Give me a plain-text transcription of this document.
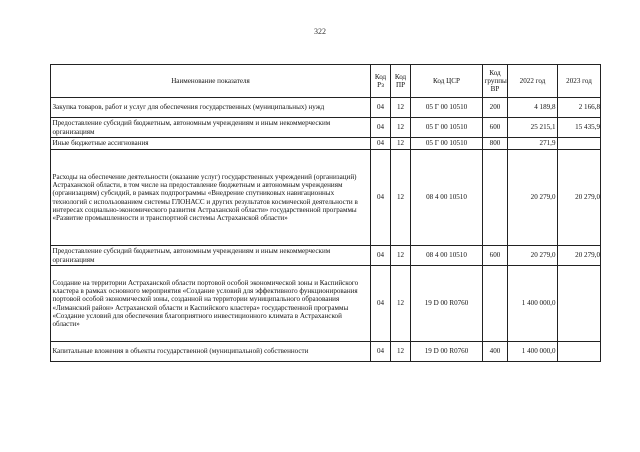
322
Наименование показателя	Код Рз	Код ПР	Код ЦСР	Код группы ВР	2022 год	2023 год
Закупка товаров, работ и услуг для обеспечения государственных (муниципальных) нужд	04	12	05 Г 00 10510	200	4 189,8	2 166,8
Предоставление субсидий бюджетным, автономным учреждениям и иным некоммерческим организациям	04	12	05 Г 00 10510	600	25 215,1	15 435,9
Иные бюджетные ассигнования	04	12	05 Г 00 10510	800	271,9	
Расходы на обеспечение деятельности (оказание услуг) государственных учреждений (организаций) Астраханской области, в том числе на предоставление бюджетным и автономным учреждениям (организациям) субсидий, в рамках подпрограммы «Внедрение спутниковых навигационных технологий с использованием системы ГЛОНАСС и других результатов космической деятельности в интересах социально-экономического развития Астраханской области» государственной программы «Развитие промышленности и транспортной системы Астраханской области»	04	12	08 4 00 10510		20 279,0	20 279,0
Предоставление субсидий бюджетным, автономным учреждениям и иным некоммерческим организациям	04	12	08 4 00 10510	600	20 279,0	20 279,0
Создание на территории Астраханской области портовой особой экономической зоны и Каспийского кластера в рамках основного мероприятия «Создание условий для эффективного функционирования портовой особой экономической зоны, созданной на территории муниципального образования «Лиманский район» Астраханской области и Каспийского кластера» государственной программы «Создание условий для обеспечения благоприятного инвестиционного климата в Астраханской области»	04	12	19 D 00 R0760		1 400 000,0	
Капитальные вложения в объекты государственной (муниципальной) собственности	04	12	19 D 00 R0760	400	1 400 000,0	
